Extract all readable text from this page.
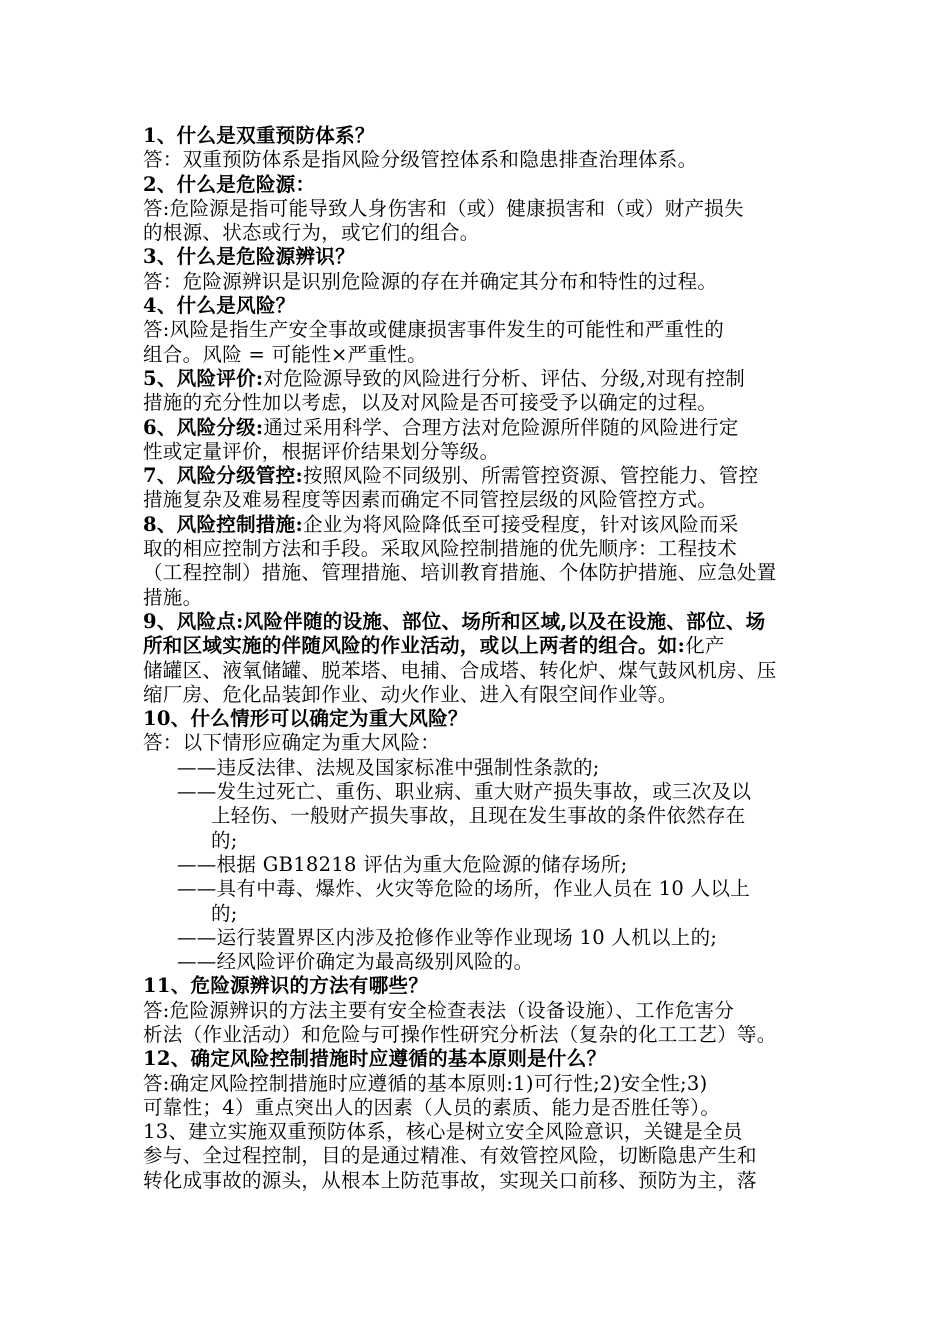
1、什么是双重预防体系？
答：双重预防体系是指风险分级管控体系和隐患排查治理体系。
2、什么是危险源：
答:危险源是指可能导致人身伤害和（或）健康损害和（或）财产损失
的根源、状态或行为，或它们的组合。
3、什么是危险源辨识？
答：危险源辨识是识别危险源的存在并确定其分布和特性的过程。
4、什么是风险？
答:风险是指生产安全事故或健康损害事件发生的可能性和严重性的
组合。风险 = 可能性×严重性。
5、风险评价:对危险源导致的风险进行分析、评估、分级,对现有控制
措施的充分性加以考虑，以及对风险是否可接受予以确定的过程。
6、风险分级:通过采用科学、合理方法对危险源所伴随的风险进行定
性或定量评价，根据评价结果划分等级。
7、风险分级管控:按照风险不同级别、所需管控资源、管控能力、管控
措施复杂及难易程度等因素而确定不同管控层级的风险管控方式。
8、风险控制措施:企业为将风险降低至可接受程度，针对该风险而采
取的相应控制方法和手段。采取风险控制措施的优先顺序：工程技术
（工程控制）措施、管理措施、培训教育措施、个体防护措施、应急处置
措施。
9、风险点:风险伴随的设施、部位、场所和区域,以及在设施、部位、场
所和区域实施的伴随风险的作业活动，或以上两者的组合。如:化产
储罐区、液氧储罐、脱苯塔、电捕、合成塔、转化炉、煤气鼓风机房、压
缩厂房、危化品装卸作业、动火作业、进入有限空间作业等。
10、什么情形可以确定为重大风险？
答：以下情形应确定为重大风险：
——违反法律、法规及国家标准中强制性条款的;
——发生过死亡、重伤、职业病、重大财产损失事故，或三次及以
上轻伤、一般财产损失事故，且现在发生事故的条件依然存在
的;
——根据 GB18218 评估为重大危险源的储存场所;
——具有中毒、爆炸、火灾等危险的场所，作业人员在 10 人以上
的;
——运行装置界区内涉及抢修作业等作业现场 10 人机以上的;
——经风险评价确定为最高级别风险的。
11、危险源辨识的方法有哪些？
答:危险源辨识的方法主要有安全检查表法（设备设施）、工作危害分
析法（作业活动）和危险与可操作性研究分析法（复杂的化工工艺）等。
12、确定风险控制措施时应遵循的基本原则是什么？
答:确定风险控制措施时应遵循的基本原则:1)可行性;2)安全性;3)
可靠性；4）重点突出人的因素（人员的素质、能力是否胜任等）。
13、建立实施双重预防体系，核心是树立安全风险意识，关键是全员
参与、全过程控制，目的是通过精准、有效管控风险，切断隐患产生和
转化成事故的源头，从根本上防范事故，实现关口前移、预防为主，落
